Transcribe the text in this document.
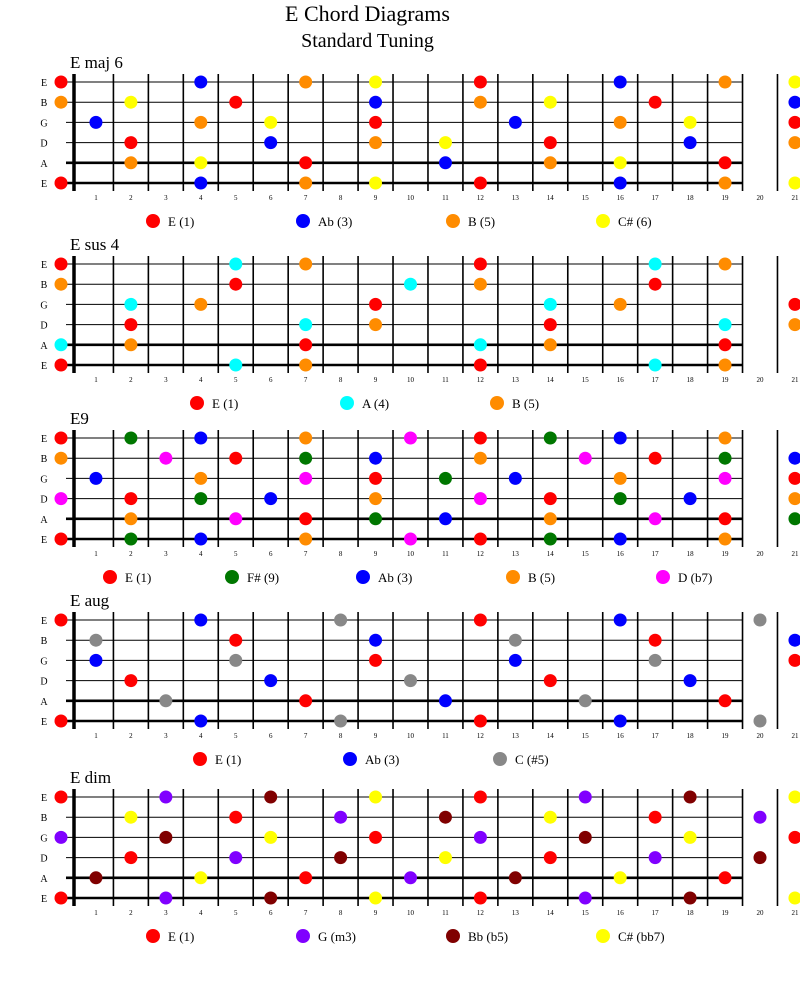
E Chord Diagrams
Standard Tuning
E maj 6
E
B
G
D
A
E
1	2	3	4	5	6	7	8	9	10	11	12	13	14	15	16	17	18	19	20	21
E (1)	Ab (3)	B (5)	C# (6)
E sus 4
E
B
G
D
A
E
1	2	3	4	5	6	7	8	9	10	11	12	13	14	15	16	17	18	19	20	21
E (1)	A (4)	B (5)
E9
E
B
G
D
A
E
1	2	3	4	5	6	7	8	9	10	11	12	13	14	15	16	17	18	19	20	21
E (1)	F# (9)	Ab (3)	B (5)	D (b7)
E aug
E
B
G
D
A
E
1	2	3	4	5	6	7	8	9	10	11	12	13	14	15	16	17	18	19	20	21
E (1)	Ab (3)	C (#5)
E dim
E
B
G
D
A
E
1	2	3	4	5	6	7	8	9	10	11	12	13	14	15	16	17	18	19	20	21
E (1)	G (m3)	Bb (b5)	C# (bb7)
